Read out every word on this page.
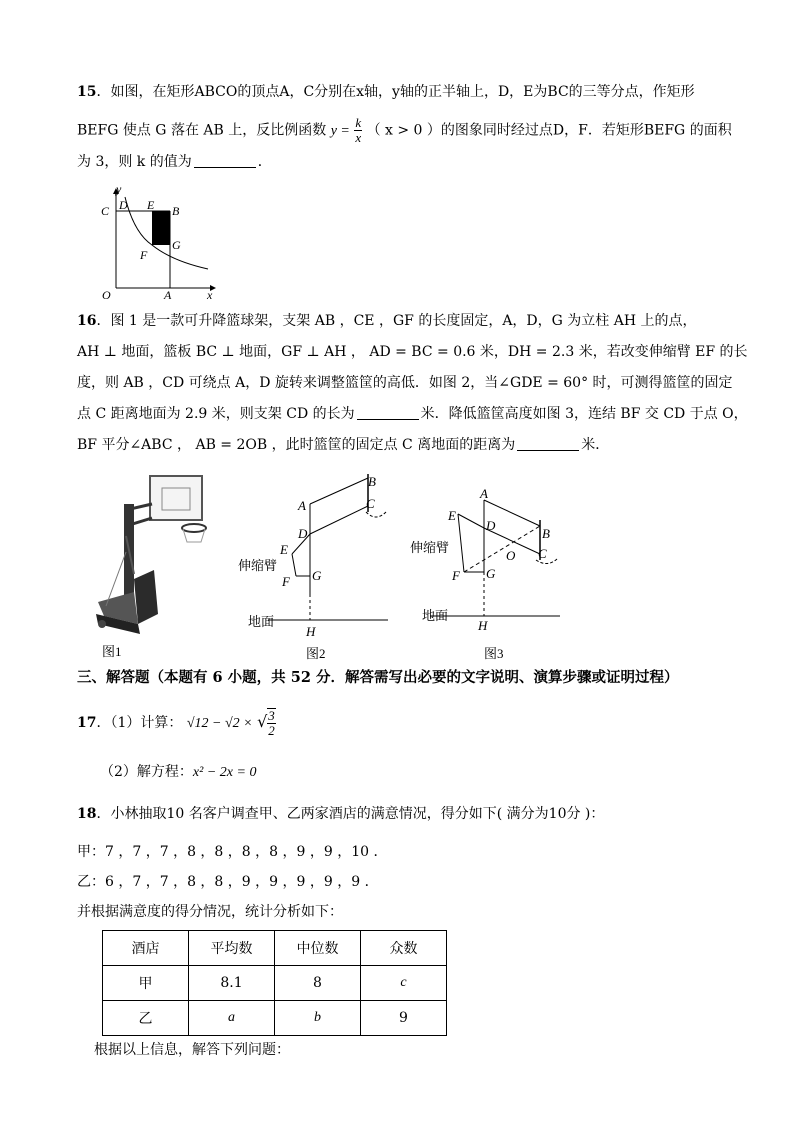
15．如图，在矩形ABCO的顶点A，C分别在x轴，y轴的正半轴上，D，E为BC的三等分点，作矩形
BEFG 使点 G 落在 AB 上，反比例函数 $y = \frac{k}{x}$ （ x > 0 ）的图象同时经过点D，F．若矩形BEFG 的面积
为 3，则 k 的值为	．
y
x
C D E B
G
F
O	A
16．图 1 是一款可升降篮球架，支架 AB ，CE ，GF 的长度固定，A，D，G 为立柱 AH 上的点，
AH ⊥ 地面，篮板 BC ⊥ 地面，GF ⊥ AH ， AD = BC = 0.6 米，DH = 2.3 米，若改变伸缩臂 EF 的长
度，则 AB ，CD 可绕点 A，D 旋转来调整篮筐的高低．如图 2，当∠GDE = 60° 时，可测得篮筐的固定
点 C 距离地面为 2.9 米，则支架 CD 的长为	米．降低篮筐高度如图 3，连结 BF 交 CD 于点 O，
BF 平分∠ABC ， AB = 2OB ，此时篮筐的固定点 C 离地面的距离为	米．
图1
A
B
C
D
E
F G
H
伸缩臂
地面
图2
A
B
C
D
E
F G
O
H
伸缩臂
地面
图3
三、解答题（本题有 6 小题，共 52 分．解答需写出必要的文字说明、演算步骤或证明过程）
17．（1）计算： √12 − √2 × √ $\frac{3}{2}$
（2）解方程：x² − 2x = 0
18．小林抽取10 名客户调查甲、乙两家酒店的满意情况，得分如下( 满分为10分 )：
甲：7 ，7 ，7 ，8 ，8 ，8 ，8 ，9 ，9 ，10 ．
乙：6 ，7 ，7 ，8 ，8 ，9 ，9 ，9 ，9 ，9 ．
并根据满意度的得分情况，统计分析如下：
酒店	平均数	中位数	众数
甲	8.1	8	c
乙	a	b	9
根据以上信息，解答下列问题：
